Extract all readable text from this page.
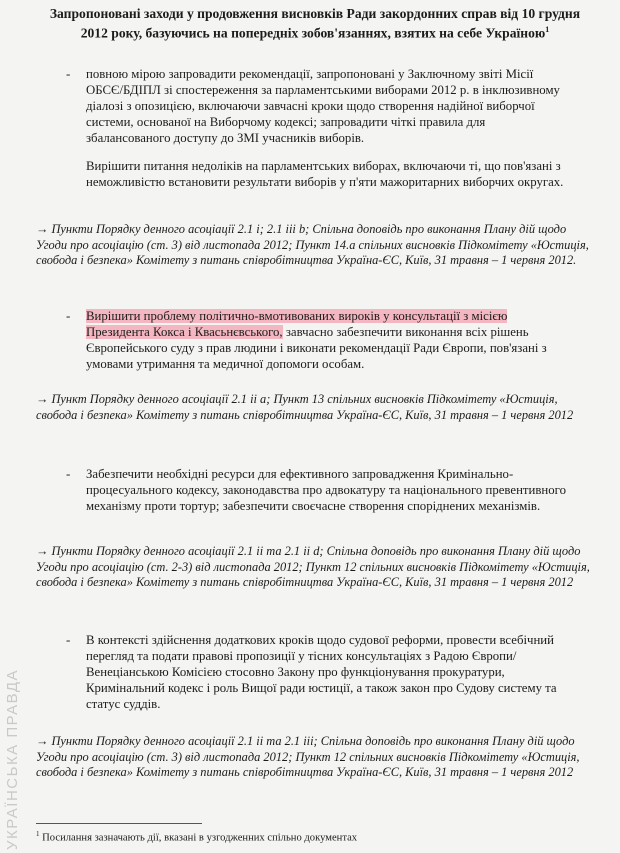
Запропоновані заходи у продовження висновків Ради закордонних справ від 10 грудня 2012 року, базуючись на попередніх зобов'язаннях, взятих на себе Україною$^1$

- повною мірою запровадити рекомендації, запропоновані у Заключному звіті Місії ОБСЄ/БДІПЛ зі спостереження за парламентськими виборами 2012 р. в інклюзивному діалозі з опозицією, включаючи завчасні кроки щодо створення надійної виборчої системи, основаної на Виборчому кодексі; запровадити чіткі правила для збалансованого доступу до ЗМІ учасників виборів.

Вирішити питання недоліків на парламентських виборах, включаючи ті, що пов'язані з неможливістю встановити результати виборів у п'яти мажоритарних виборчих округах.

→ Пункти Порядку денного асоціації 2.1 і; 2.1 ііі b; Спільна доповідь про виконання Плану дій щодо Угоди про асоціацію (ст. 3) від листопада 2012; Пункт 14.а спільних висновків Підкомітету «Юстиція, свобода і безпека» Комітету з питань співробітництва Україна-ЄС, Київ, 31 травня – 1 червня 2012.

- Вирішити проблему політично-вмотивованих вироків у консультації з місією Президента Кокса і Квасьнєвського, завчасно забезпечити виконання всіх рішень Європейського суду з прав людини і виконати рекомендації Ради Європи, пов'язані з умовами утримання та медичної допомоги особам.

→ Пункт Порядку денного асоціації 2.1 іі а; Пункт 13 спільних висновків Підкомітету «Юстиція, свобода і безпека» Комітету з питань співробітництва Україна-ЄС, Київ, 31 травня – 1 червня 2012

- Забезпечити необхідні ресурси для ефективного запровадження Кримінально-процесуального кодексу, законодавства про адвокатуру та національного превентивного механізму проти тортур; забезпечити своєчасне створення споріднених механізмів.

→ Пункти Порядку денного асоціації 2.1 іі та 2.1 іі d; Спільна доповідь про виконання Плану дій щодо Угоди про асоціацію (ст. 2-3) від листопада 2012; Пункт 12 спільних висновків Підкомітету «Юстиція, свобода і безпека» Комітету з питань співробітництва Україна-ЄС, Київ, 31 травня – 1 червня 2012

- В контексті здійснення додаткових кроків щодо судової реформи, провести всебічний перегляд та подати правові пропозиції у тісних консультаціях з Радою Європи/Венеціанською Комісією стосовно Закону про функціонування прокуратури, Кримінальний кодекс і роль Вищої ради юстиції, а також закон про Судову систему та статус суддів.

→ Пункти Порядку денного асоціації 2.1 іі та 2.1 ііі; Спільна доповідь про виконання Плану дій щодо Угоди про асоціацію (ст. 3) від листопада 2012; Пункт 12 спільних висновків Підкомітету «Юстиція, свобода і безпека» Комітету з питань співробітництва Україна-ЄС, Київ, 31 травня – 1 червня 2012

$^1$ Посилання зазначають дії, вказані в узгодженних спільно документах

УКРАЇНСЬКА ПРАВДА
